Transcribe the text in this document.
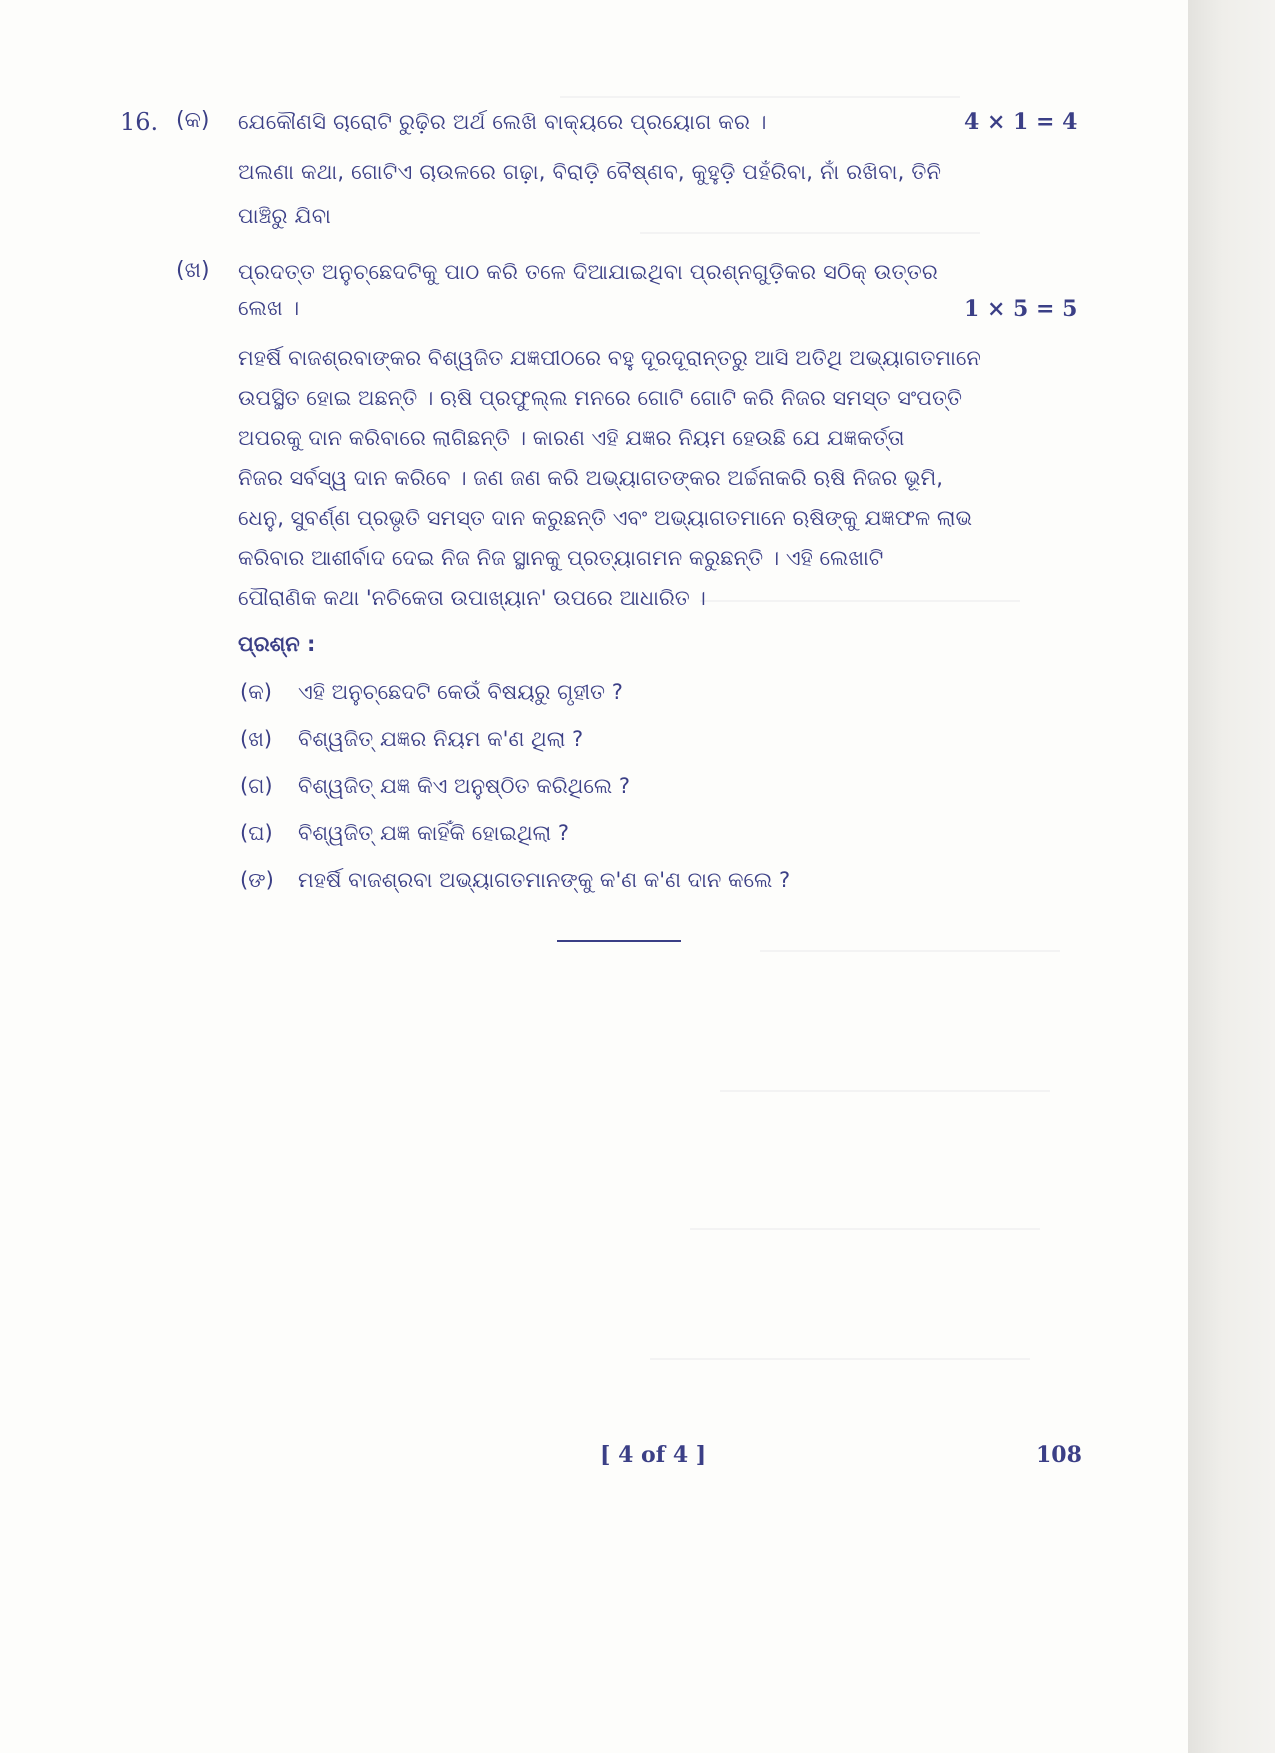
16. (କ) ଯେକୌଣସି ଚାରୋଟି ରୁଢ଼ିର ଅର୍ଥ ଲେଖି ବାକ୍ୟରେ ପ୍ରୟୋଗ କର ।	4 × 1 = 4
ଅଲଣା କଥା, ଗୋଟିଏ ଚାଉଳରେ ଗଢ଼ା, ବିରାଡ଼ି ବୈଷ୍ଣବ, କୁହୁଡ଼ି ପହଁରିବା, ନାଁ ରଖିବା, ତିନି
ପାଞ୍ଚିରୁ ଯିବା
(ଖ) ପ୍ରଦତ୍ତ ଅନୁଚ୍ଛେଦଟିକୁ ପାଠ କରି ତଳେ ଦିଆଯାଇଥିବା ପ୍ରଶ୍ନଗୁଡ଼ିକର ସଠିକ୍ ଉତ୍ତର
ଲେଖ ।	1 × 5 = 5
ମହର୍ଷି ବାଜଶ୍ରବାଙ୍କର ବିଶ୍ୱଜିତ ଯଜ୍ଞପୀଠରେ ବହୁ ଦୂରଦୂରାନ୍ତରୁ ଆସି ଅତିଥି ଅଭ୍ୟାଗତମାନେ
ଉପସ୍ଥିତ ହୋଇ ଅଛନ୍ତି । ଋଷି ପ୍ରଫୁଲ୍ଲ ମନରେ ଗୋଟି ଗୋଟି କରି ନିଜର ସମସ୍ତ ସଂପତ୍ତି
ଅପରକୁ ଦାନ କରିବାରେ ଲାଗିଛନ୍ତି । କାରଣ ଏହି ଯଜ୍ଞର ନିୟମ ହେଉଛି ଯେ ଯଜ୍ଞକର୍ତ୍ତା
ନିଜର ସର୍ବସ୍ୱ ଦାନ କରିବେ । ଜଣ ଜଣ କରି ଅଭ୍ୟାଗତଙ୍କର ଅର୍ଚ୍ଚନାକରି ଋଷି ନିଜର ଭୂମି,
ଧେନୁ, ସୁବର୍ଣ୍ଣ ପ୍ରଭୃତି ସମସ୍ତ ଦାନ କରୁଛନ୍ତି ଏବଂ ଅଭ୍ୟାଗତମାନେ ଋଷିଙ୍କୁ ଯଜ୍ଞଫଳ ଲାଭ
କରିବାର ଆଶୀର୍ବାଦ ଦେଇ ନିଜ ନିଜ ସ୍ଥାନକୁ ପ୍ରତ୍ୟାଗମନ କରୁଛନ୍ତି । ଏହି ଲେଖାଟି
ପୌରାଣିକ କଥା 'ନଚିକେତା ଉପାଖ୍ୟାନ' ଉପରେ ଆଧାରିତ ।
ପ୍ରଶ୍ନ :
(କ) ଏହି ଅନୁଚ୍ଛେଦଟି କେଉଁ ବିଷୟରୁ ଗୃହୀତ ?
(ଖ) ବିଶ୍ୱଜିତ୍ ଯଜ୍ଞର ନିୟମ କ'ଣ ଥିଲା ?
(ଗ) ବିଶ୍ୱଜିତ୍ ଯଜ୍ଞ କିଏ ଅନୁଷ୍ଠିତ କରିଥିଲେ ?
(ଘ) ବିଶ୍ୱଜିତ୍ ଯଜ୍ଞ କାହିଁକି ହୋଇଥିଲା ?
(ଙ) ମହର୍ଷି ବାଜଶ୍ରବା ଅଭ୍ୟାଗତମାନଙ୍କୁ କ'ଣ କ'ଣ ଦାନ କଲେ ?
[ 4 of 4 ]	108
